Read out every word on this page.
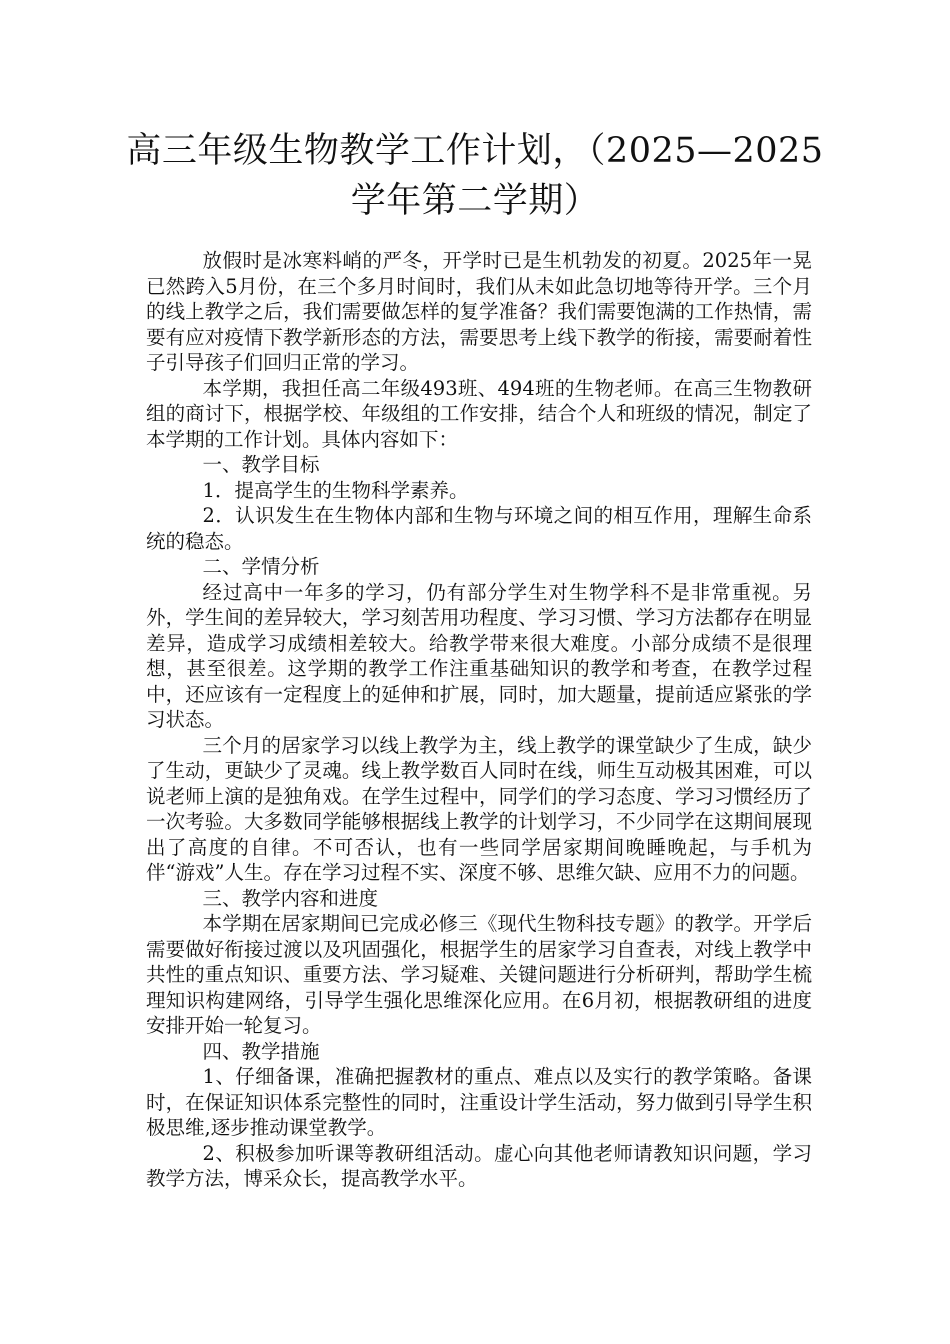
高三年级生物教学工作计划，（2025—2025
学年第二学期）

放假时是冰寒料峭的严冬，开学时已是生机勃发的初夏。2025年一晃已然跨入5月份，在三个多月时间时，我们从未如此急切地等待开学。三个月的线上教学之后，我们需要做怎样的复学准备？我们需要饱满的工作热情，需要有应对疫情下教学新形态的方法，需要思考上线下教学的衔接，需要耐着性子引导孩子们回归正常的学习。

本学期，我担任高二年级493班、494班的生物老师。在高三生物教研组的商讨下，根据学校、年级组的工作安排，结合个人和班级的情况，制定了本学期的工作计划。具体内容如下：

一、教学目标

1．提高学生的生物科学素养。

2．认识发生在生物体内部和生物与环境之间的相互作用，理解生命系统的稳态。

二、学情分析

经过高中一年多的学习，仍有部分学生对生物学科不是非常重视。另外，学生间的差异较大，学习刻苦用功程度、学习习惯、学习方法都存在明显差异，造成学习成绩相差较大。给教学带来很大难度。小部分成绩不是很理想，甚至很差。这学期的教学工作注重基础知识的教学和考查，在教学过程中，还应该有一定程度上的延伸和扩展，同时，加大题量，提前适应紧张的学习状态。

三个月的居家学习以线上教学为主，线上教学的课堂缺少了生成，缺少了生动，更缺少了灵魂。线上教学数百人同时在线，师生互动极其困难，可以说老师上演的是独角戏。在学生过程中，同学们的学习态度、学习习惯经历了一次考验。大多数同学能够根据线上教学的计划学习，不少同学在这期间展现出了高度的自律。不可否认，也有一些同学居家期间晚睡晚起，与手机为伴“游戏”人生。存在学习过程不实、深度不够、思维欠缺、应用不力的问题。

三、教学内容和进度

本学期在居家期间已完成必修三《现代生物科技专题》的教学。开学后需要做好衔接过渡以及巩固强化，根据学生的居家学习自查表，对线上教学中共性的重点知识、重要方法、学习疑难、关键问题进行分析研判，帮助学生梳理知识构建网络，引导学生强化思维深化应用。在6月初，根据教研组的进度安排开始一轮复习。

四、教学措施

1、仔细备课，准确把握教材的重点、难点以及实行的教学策略。备课时，在保证知识体系完整性的同时，注重设计学生活动，努力做到引导学生积极思维,逐步推动课堂教学。

2、积极参加听课等教研组活动。虚心向其他老师请教知识问题，学习教学方法，博采众长，提高教学水平。
